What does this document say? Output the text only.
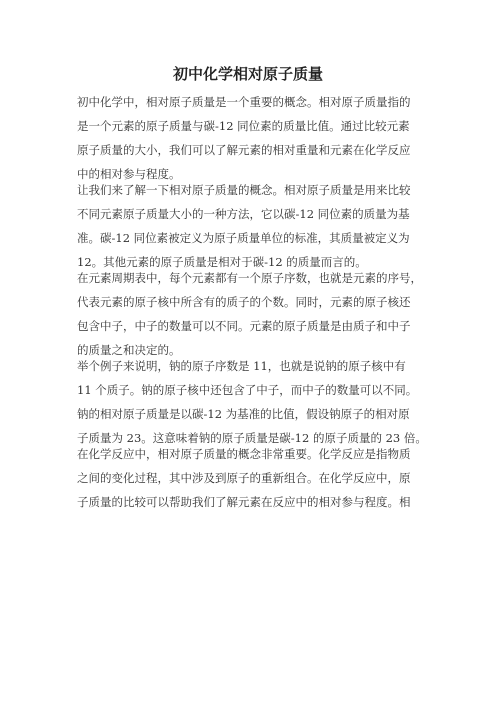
初中化学相对原子质量
初中化学中，相对原子质量是一个重要的概念。相对原子质量指的
是一个元素的原子质量与碳-12 同位素的质量比值。通过比较元素
原子质量的大小，我们可以了解元素的相对重量和元素在化学反应
中的相对参与程度。
让我们来了解一下相对原子质量的概念。相对原子质量是用来比较
不同元素原子质量大小的一种方法，它以碳-12 同位素的质量为基
准。碳-12 同位素被定义为原子质量单位的标准，其质量被定义为
12。其他元素的原子质量是相对于碳-12 的质量而言的。
在元素周期表中，每个元素都有一个原子序数，也就是元素的序号，
代表元素的原子核中所含有的质子的个数。同时，元素的原子核还
包含中子，中子的数量可以不同。元素的原子质量是由质子和中子
的质量之和决定的。
举个例子来说明，钠的原子序数是 11，也就是说钠的原子核中有
11 个质子。钠的原子核中还包含了中子，而中子的数量可以不同。
钠的相对原子质量是以碳-12 为基准的比值，假设钠原子的相对原
子质量为 23。这意味着钠的原子质量是碳-12 的原子质量的 23 倍。
在化学反应中，相对原子质量的概念非常重要。化学反应是指物质
之间的变化过程，其中涉及到原子的重新组合。在化学反应中，原
子质量的比较可以帮助我们了解元素在反应中的相对参与程度。相
